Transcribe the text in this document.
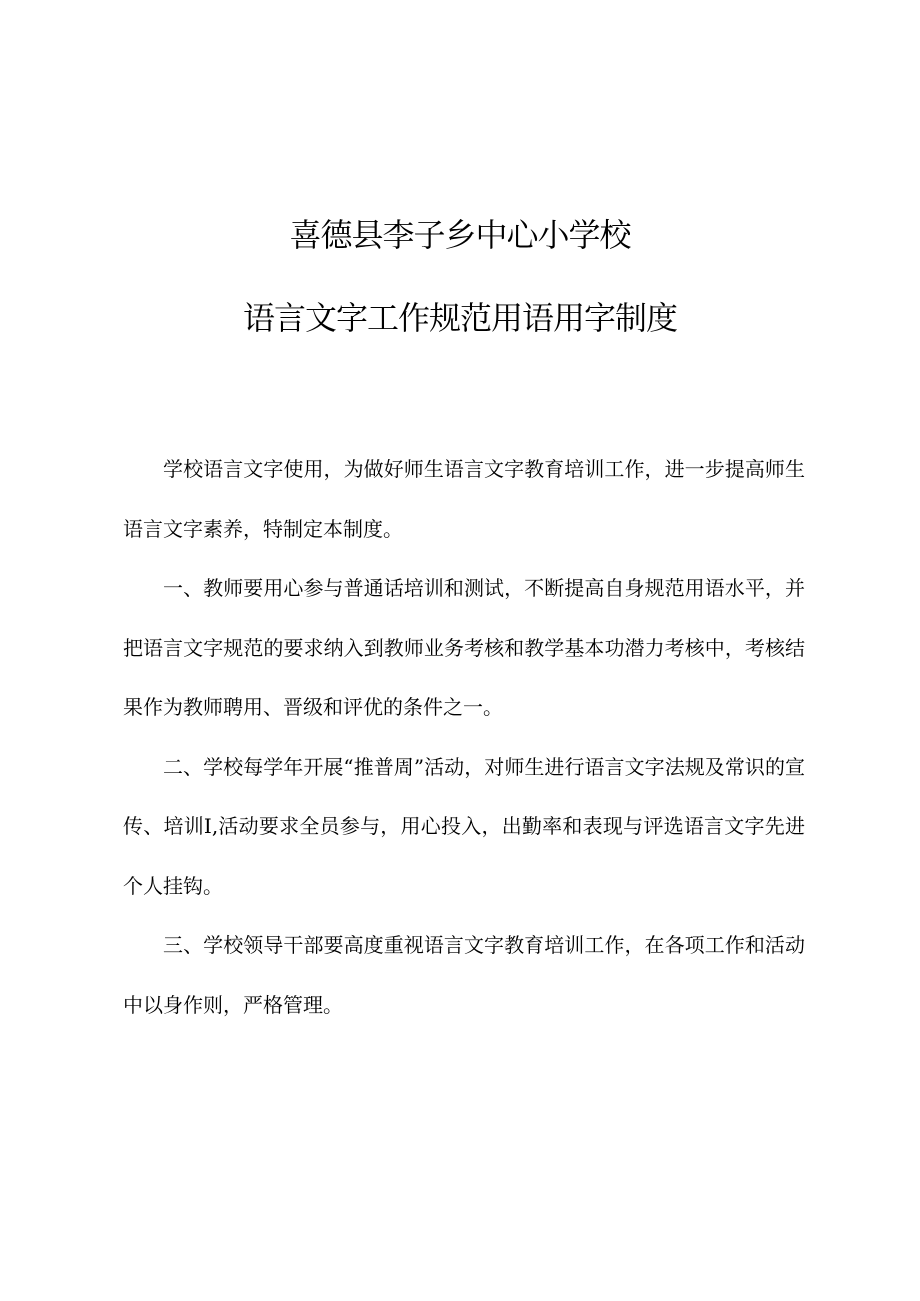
喜德县李子乡中心小学校
语言文字工作规范用语用字制度

学校语言文字使用，为做好师生语言文字教育培训工作，进一步提高师生语言文字素养，特制定本制度。

一、教师要用心参与普通话培训和测试，不断提高自身规范用语水平，并把语言文字规范的要求纳入到教师业务考核和教学基本功潜力考核中，考核结果作为教师聘用、晋级和评优的条件之一。

二、学校每学年开展“推普周”活动，对师生进行语言文字法规及常识的宣传、培训I,活动要求全员参与，用心投入，出勤率和表现与评选语言文字先进个人挂钩。

三、学校领导干部要高度重视语言文字教育培训工作，在各项工作和活动中以身作则，严格管理。
